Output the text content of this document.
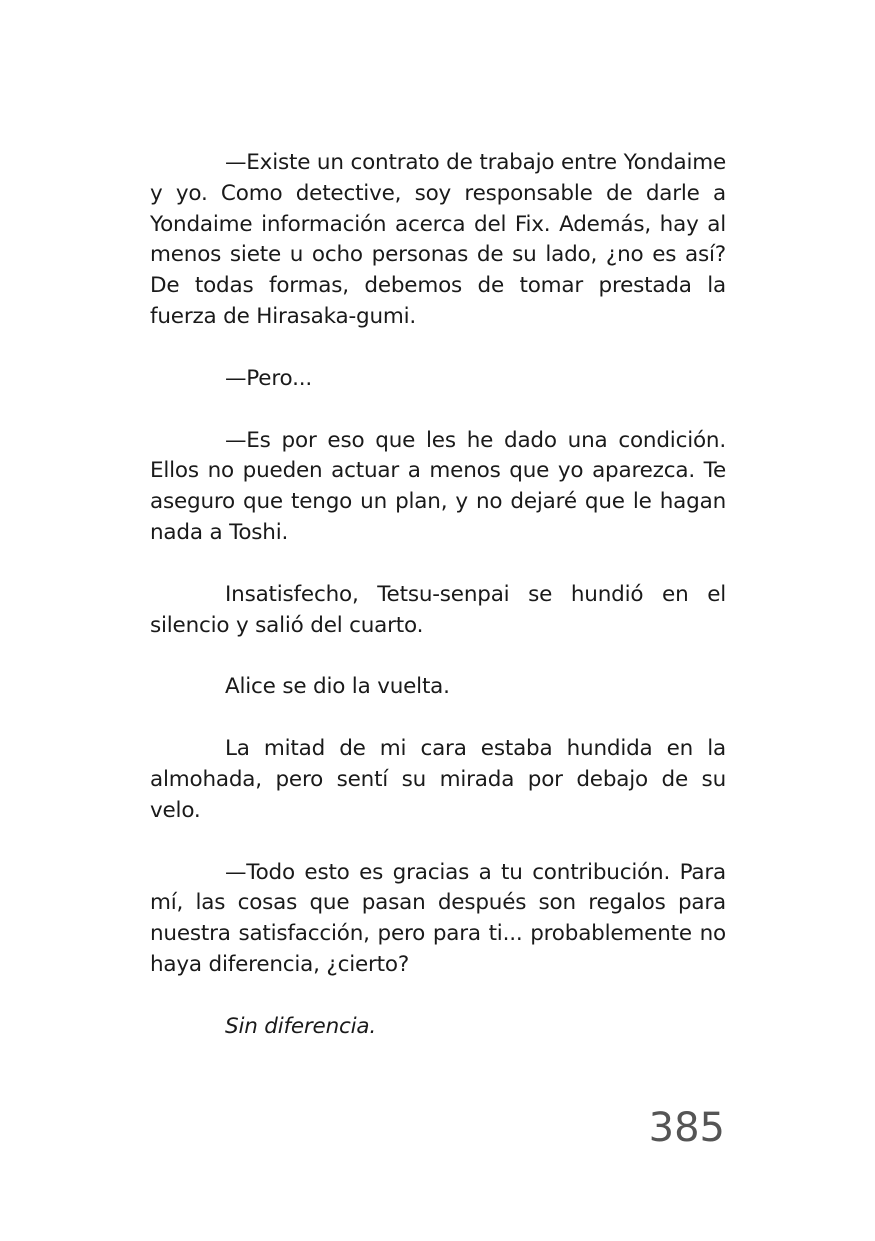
—Existe un contrato de trabajo entre Yondaime y yo. Como detective, soy responsable de darle a Yondaime información acerca del Fix. Además, hay al menos siete u ocho personas de su lado, ¿no es así? De todas formas, debemos de tomar prestada la fuerza de Hirasaka-gumi.

—Pero...

—Es por eso que les he dado una condición. Ellos no pueden actuar a menos que yo aparezca. Te aseguro que tengo un plan, y no dejaré que le hagan nada a Toshi.

Insatisfecho, Tetsu-senpai se hundió en el silencio y salió del cuarto.

Alice se dio la vuelta.

La mitad de mi cara estaba hundida en la almohada, pero sentí su mirada por debajo de su velo.

—Todo esto es gracias a tu contribución. Para mí, las cosas que pasan después son regalos para nuestra satisfacción, pero para ti... probablemente no haya diferencia, ¿cierto?

Sin diferencia.

385
